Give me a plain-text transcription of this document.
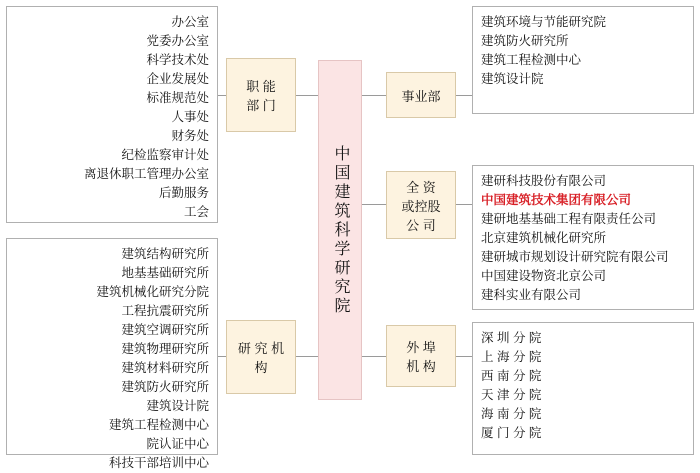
办公室
党委办公室
科学技术处
企业发展处
标准规范处
人事处
财务处
纪检监察审计处
离退休职工管理办公室
后勤服务
工会
建筑结构研究所
地基基础研究所
建筑机械化研究分院
工程抗震研究所
建筑空调研究所
建筑物理研究所
建筑材料研究所
建筑防火研究所
建筑设计院
建筑工程检测中心
院认证中心
科技干部培训中心
职 能
部 门
研 究 机
构
中国建筑科学研究院
事业部
全 资
或控股
公 司
外 埠
机 构
建筑环境与节能研究院
建筑防火研究所
建筑工程检测中心
建筑设计院
建研科技股份有限公司
中国建筑技术集团有限公司
建研地基基础工程有限责任公司
北京建筑机械化研究所
建研城市规划设计研究院有限公司
中国建设物资北京公司
建科实业有限公司
深 圳 分 院
上 海 分 院
西 南 分 院
天 津 分 院
海 南 分 院
厦 门 分 院
